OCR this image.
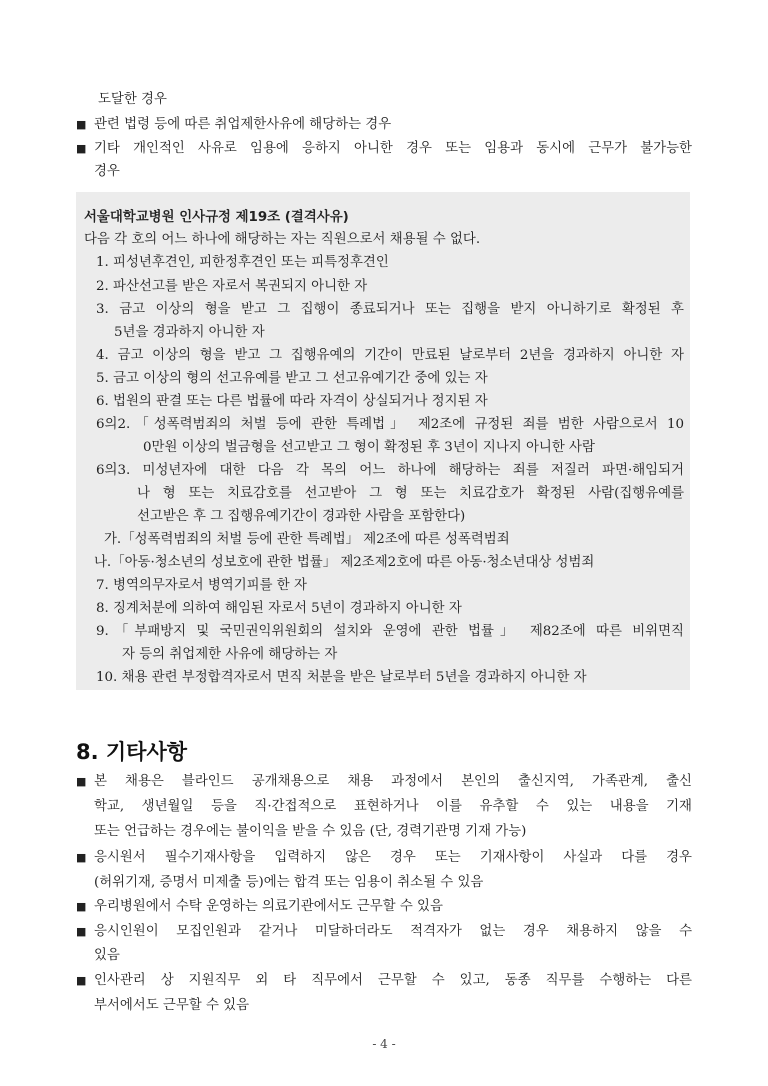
도달한 경우
■ 관련 법령 등에 따른 취업제한사유에 해당하는 경우
■ 기타 개인적인 사유로 임용에 응하지 아니한 경우 또는 임용과 동시에 근무가 불가능한
경우
서울대학교병원 인사규정 제19조 (결격사유)
다음 각 호의 어느 하나에 해당하는 자는 직원으로서 채용될 수 없다.
1. 피성년후견인, 피한정후견인 또는 피특정후견인
2. 파산선고를 받은 자로서 복권되지 아니한 자
3. 금고 이상의 형을 받고 그 집행이 종료되거나 또는 집행을 받지 아니하기로 확정된 후
5년을 경과하지 아니한 자
4. 금고 이상의 형을 받고 그 집행유예의 기간이 만료된 날로부터 2년을 경과하지 아니한 자
5. 금고 이상의 형의 선고유예를 받고 그 선고유예기간 중에 있는 자
6. 법원의 판결 또는 다른 법률에 따라 자격이 상실되거나 정지된 자
6의2.「성폭력범죄의 처벌 등에 관한 특례법」 제2조에 규정된 죄를 범한 사람으로서 10
0만원 이상의 벌금형을 선고받고 그 형이 확정된 후 3년이 지나지 아니한 사람
6의3. 미성년자에 대한 다음 각 목의 어느 하나에 해당하는 죄를 저질러 파면·해임되거
나 형 또는 치료감호를 선고받아 그 형 또는 치료감호가 확정된 사람(집행유예를
선고받은 후 그 집행유예기간이 경과한 사람을 포함한다)
가.「성폭력범죄의 처벌 등에 관한 특례법」 제2조에 따른 성폭력범죄
나.「아동·청소년의 성보호에 관한 법률」 제2조제2호에 따른 아동·청소년대상 성범죄
7. 병역의무자로서 병역기피를 한 자
8. 징계처분에 의하여 해임된 자로서 5년이 경과하지 아니한 자
9.「부패방지 및 국민권익위원회의 설치와 운영에 관한 법률」 제82조에 따른 비위면직
자 등의 취업제한 사유에 해당하는 자
10. 채용 관련 부정합격자로서 면직 처분을 받은 날로부터 5년을 경과하지 아니한 자
8. 기타사항
■ 본 채용은 블라인드 공개채용으로 채용 과정에서 본인의 출신지역, 가족관계, 출신
학교, 생년월일 등을 직·간접적으로 표현하거나 이를 유추할 수 있는 내용을 기재
또는 언급하는 경우에는 불이익을 받을 수 있음 (단, 경력기관명 기재 가능)
■ 응시원서 필수기재사항을 입력하지 않은 경우 또는 기재사항이 사실과 다를 경우
(허위기재, 증명서 미제출 등)에는 합격 또는 임용이 취소될 수 있음
■ 우리병원에서 수탁 운영하는 의료기관에서도 근무할 수 있음
■ 응시인원이 모집인원과 같거나 미달하더라도 적격자가 없는 경우 채용하지 않을 수
있음
■ 인사관리 상 지원직무 외 타 직무에서 근무할 수 있고, 동종 직무를 수행하는 다른
부서에서도 근무할 수 있음
- 4 -
